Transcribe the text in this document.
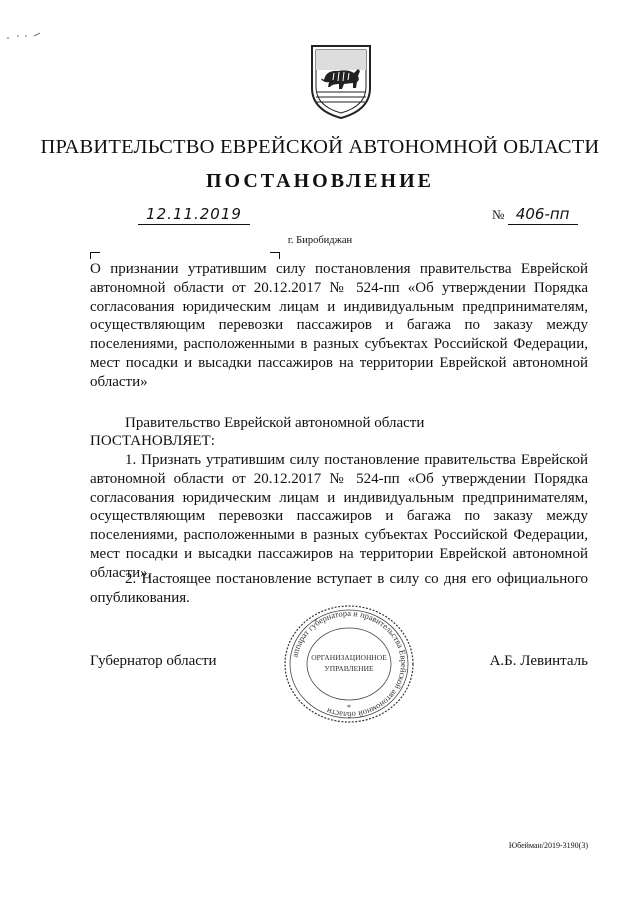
ПРАВИТЕЛЬСТВО ЕВРЕЙСКОЙ АВТОНОМНОЙ ОБЛАСТИ
ПОСТАНОВЛЕНИЕ
12.11.2019	№ 406-пп
г. Биробиджан
О признании утратившим силу постановления правительства Еврейской автономной области от 20.12.2017 № 524-пп «Об утверждении Порядка согласования юридическим лицам и индивидуальным предпринимателям, осуществляющим перевозки пассажиров и багажа по заказу между поселениями, расположенными в разных субъектах Российской Федерации, мест посадки и высадки пассажиров на территории Еврейской автономной области»
Правительство Еврейской автономной области
ПОСТАНОВЛЯЕТ:
1. Признать утратившим силу постановление правительства Еврейской автономной области от 20.12.2017 № 524-пп «Об утверждении Порядка согласования юридическим лицам и индивидуальным предпринимателям, осуществляющим перевозки пассажиров и багажа по заказу между поселениями, расположенными в разных субъектах Российской Федерации, мест посадки и высадки пассажиров на территории Еврейской автономной области».
2. Настоящее постановление вступает в силу со дня его официального опубликования.
Губернатор области	А.Б. Левинталь
аппарат губернатора и правительства Еврейской автономной области
ОРГАНИЗАЦИОННОЕ
УПРАВЛЕНИЕ
*
Юбейман/2019-3190(3)
